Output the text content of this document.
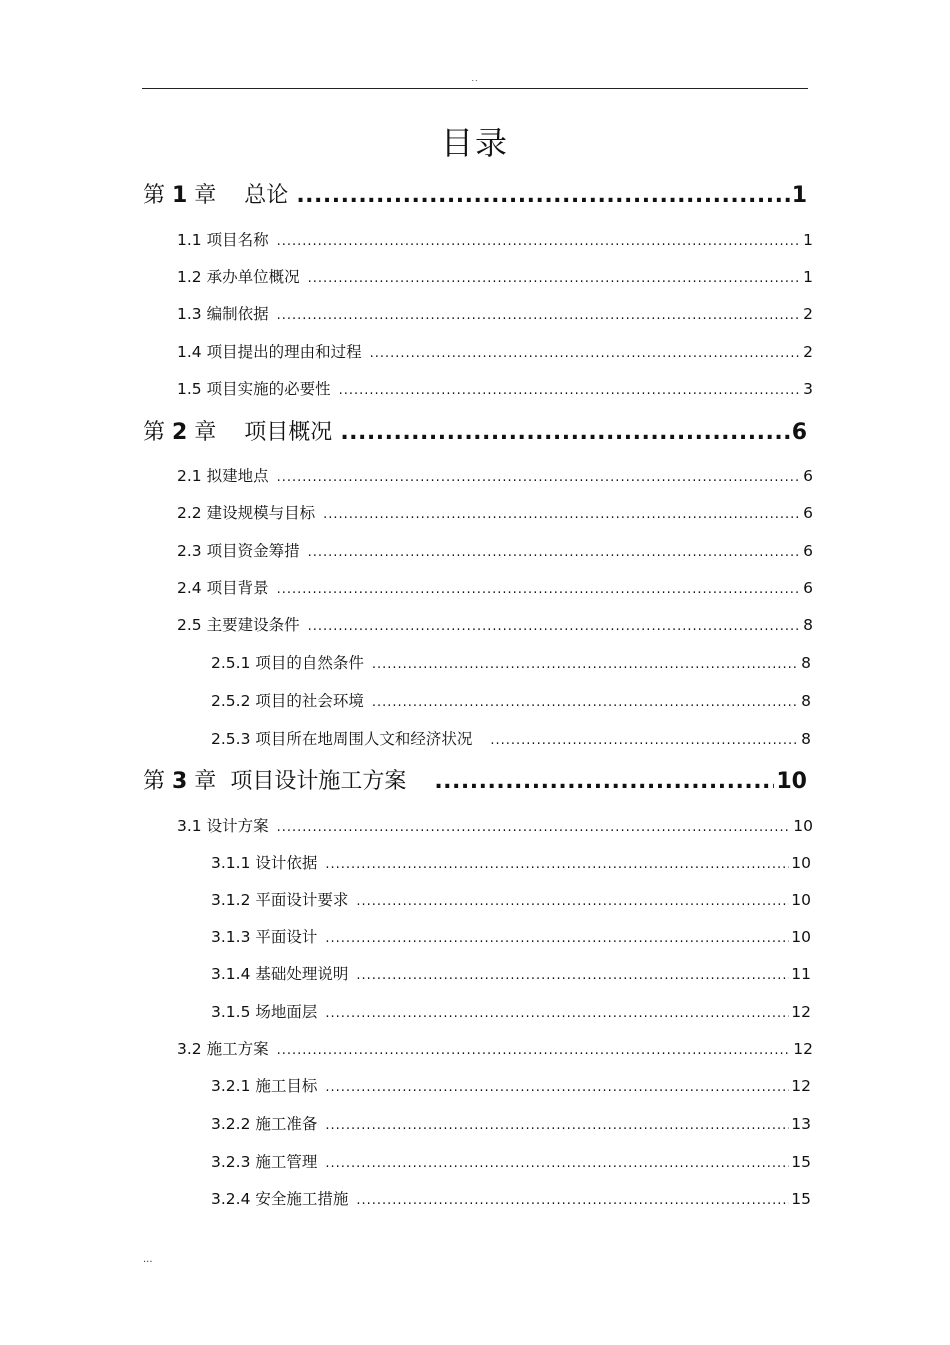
..
目录
第 1 章 总论 .....	1
1.1 项目名称 .....	1
1.2 承办单位概况 .....	1
1.3 编制依据 .....	2
1.4 项目提出的理由和过程 .....	2
1.5 项目实施的必要性 .....	3
第 2 章 项目概况 .....	6
2.1 拟建地点 .....	6
2.2 建设规模与目标 .....	6
2.3 项目资金筹措 .....	6
2.4 项目背景 .....	6
2.5 主要建设条件 .....	8
2.5.1 项目的自然条件 .....	8
2.5.2 项目的社会环境 .....	8
2.5.3 项目所在地周围人文和经济状况 .....	8
第 3 章 项目设计施工方案 .....	10
3.1 设计方案 .....	10
3.1.1 设计依据 .....	10
3.1.2 平面设计要求 .....	10
3.1.3 平面设计 .....	10
3.1.4 基础处理说明 .....	11
3.1.5 场地面层 .....	12
3.2 施工方案 .....	12
3.2.1 施工目标 .....	12
3.2.2 施工准备 .....	13
3.2.3 施工管理 .....	15
3.2.4 安全施工措施 .....	15
...
